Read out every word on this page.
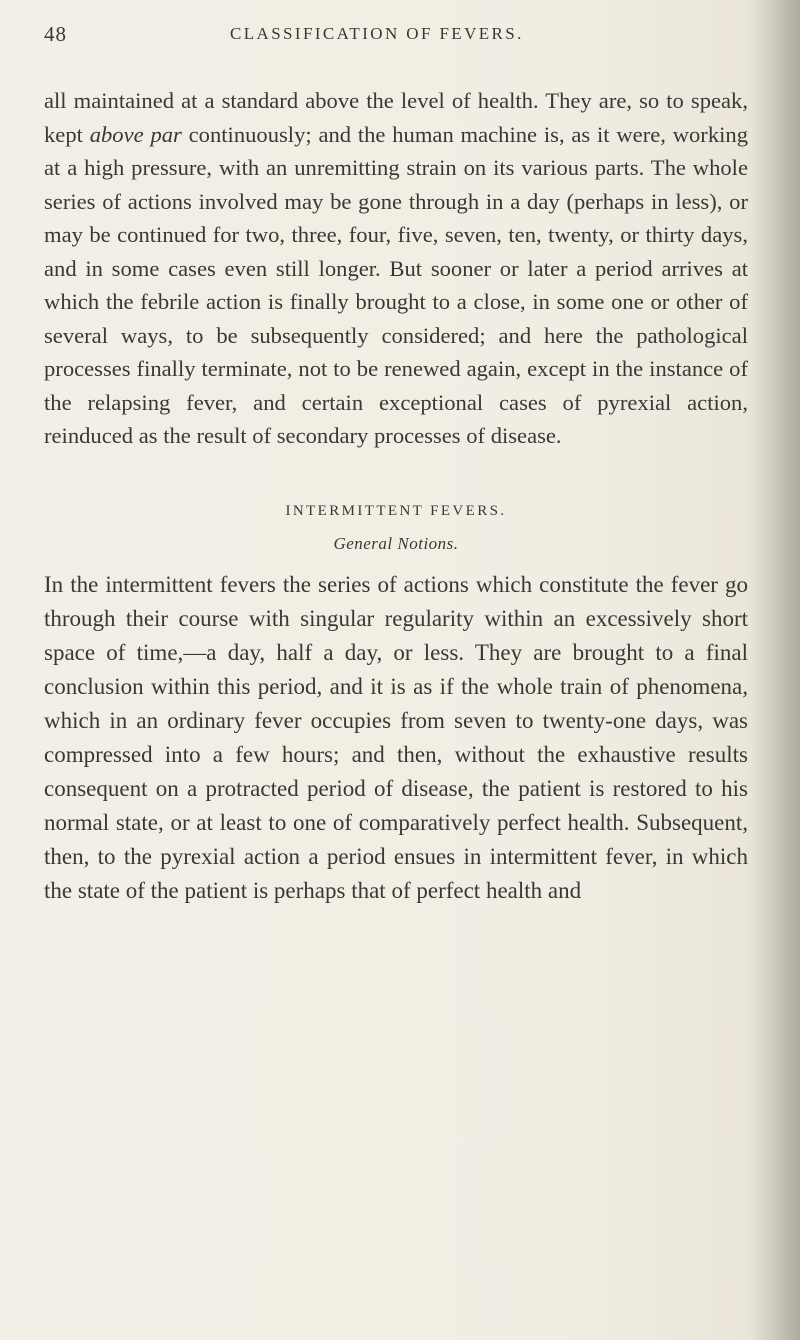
48	CLASSIFICATION OF FEVERS.

all maintained at a standard above the level of health. They are, so to speak, kept above par continuously; and the human machine is, as it were, working at a high pressure, with an unremitting strain on its various parts. The whole series of actions involved may be gone through in a day (perhaps in less), or may be continued for two, three, four, five, seven, ten, twenty, or thirty days, and in some cases even still longer. But sooner or later a period arrives at which the febrile action is finally brought to a close, in some one or other of several ways, to be subsequently considered; and here the pathological processes finally terminate, not to be renewed again, except in the instance of the relapsing fever, and certain exceptional cases of pyrexial action, reinduced as the result of secondary processes of disease.

INTERMITTENT FEVERS.
General Notions.

In the intermittent fevers the series of actions which constitute the fever go through their course with singular regularity within an excessively short space of time,—a day, half a day, or less. They are brought to a final conclusion within this period, and it is as if the whole train of phenomena, which in an ordinary fever occupies from seven to twenty-one days, was compressed into a few hours; and then, without the exhaustive results consequent on a protracted period of disease, the patient is restored to his normal state, or at least to one of comparatively perfect health. Subsequent, then, to the pyrexial action a period ensues in intermittent fever, in which the state of the patient is perhaps that of perfect health and
